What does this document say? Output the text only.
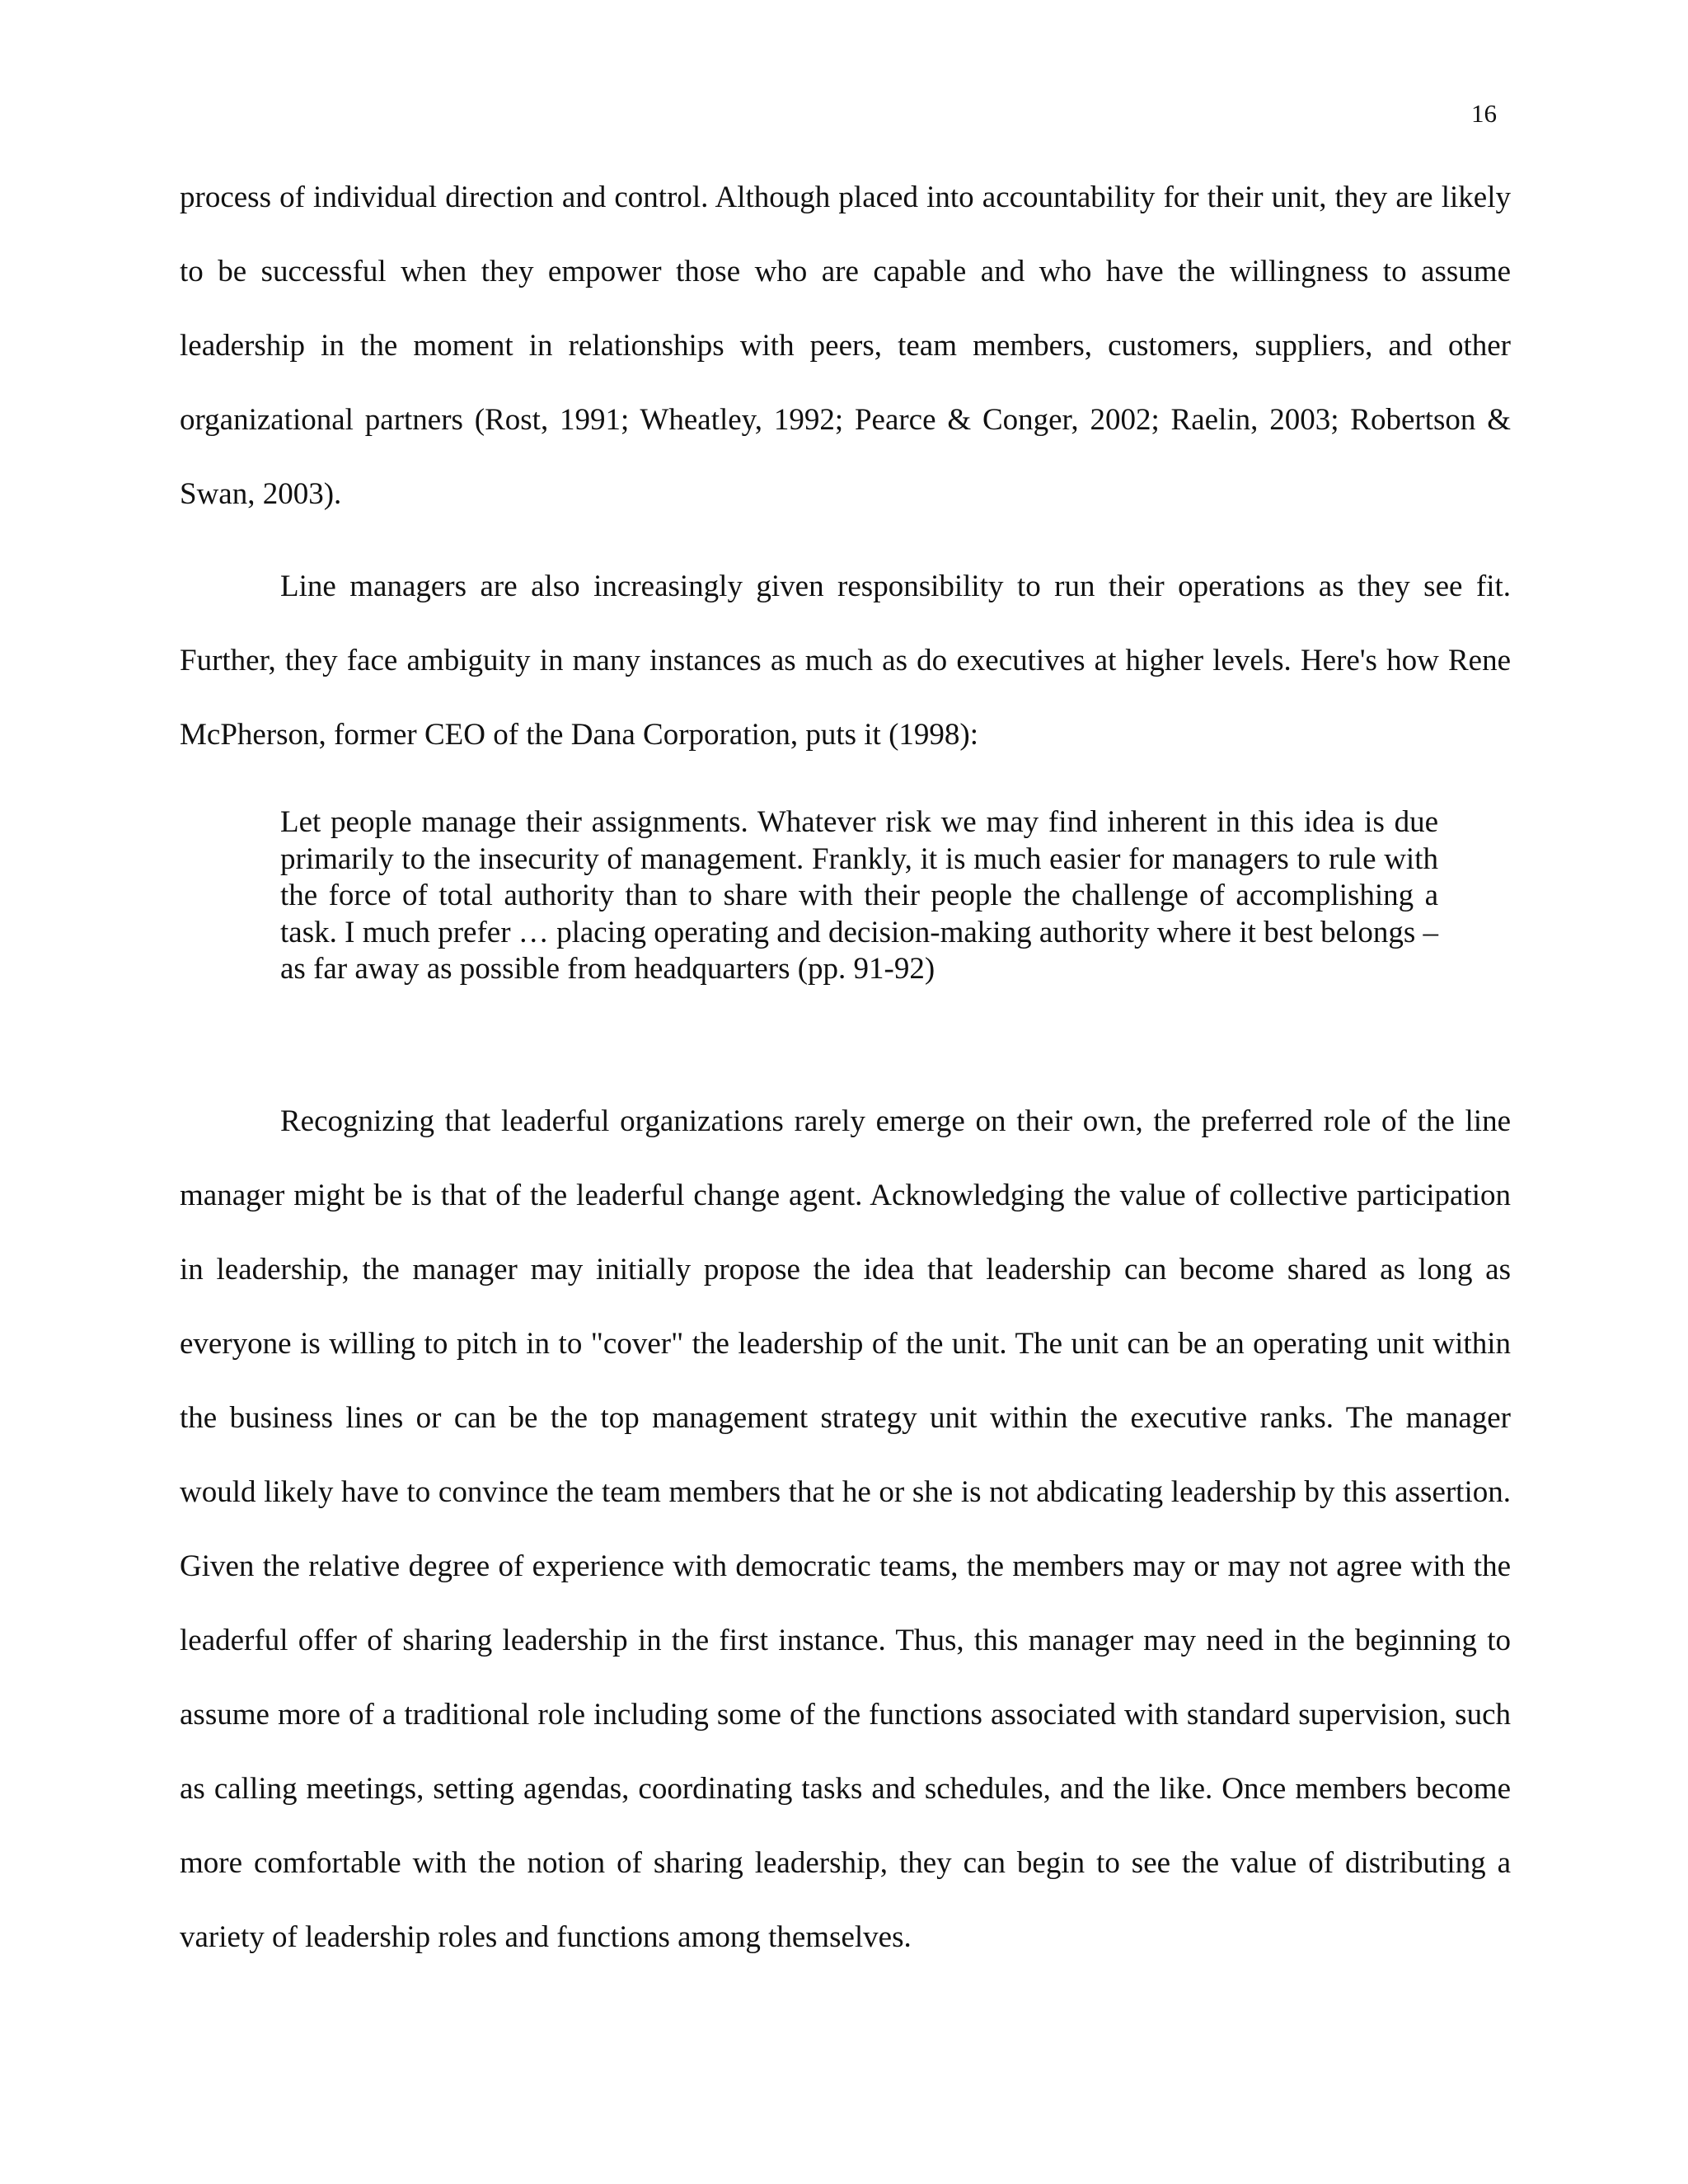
16

process of individual direction and control. Although placed into accountability for their unit, they are likely to be successful when they empower those who are capable and who have the willingness to assume leadership in the moment in relationships with peers, team members, customers, suppliers, and other organizational partners (Rost, 1991; Wheatley, 1992; Pearce & Conger, 2002; Raelin, 2003; Robertson & Swan, 2003).

Line managers are also increasingly given responsibility to run their operations as they see fit. Further, they face ambiguity in many instances as much as do executives at higher levels. Here's how Rene McPherson, former CEO of the Dana Corporation, puts it (1998):

Let people manage their assignments. Whatever risk we may find inherent in this idea is due primarily to the insecurity of management. Frankly, it is much easier for managers to rule with the force of total authority than to share with their people the challenge of accomplishing a task. I much prefer … placing operating and decision-making authority where it best belongs – as far away as possible from headquarters (pp. 91-92)

Recognizing that leaderful organizations rarely emerge on their own, the preferred role of the line manager might be is that of the leaderful change agent. Acknowledging the value of collective participation in leadership, the manager may initially propose the idea that leadership can become shared as long as everyone is willing to pitch in to "cover" the leadership of the unit. The unit can be an operating unit within the business lines or can be the top management strategy unit within the executive ranks. The manager would likely have to convince the team members that he or she is not abdicating leadership by this assertion. Given the relative degree of experience with democratic teams, the members may or may not agree with the leaderful offer of sharing leadership in the first instance. Thus, this manager may need in the beginning to assume more of a traditional role including some of the functions associated with standard supervision, such as calling meetings, setting agendas, coordinating tasks and schedules, and the like. Once members become more comfortable with the notion of sharing leadership, they can begin to see the value of distributing a variety of leadership roles and functions among themselves.
